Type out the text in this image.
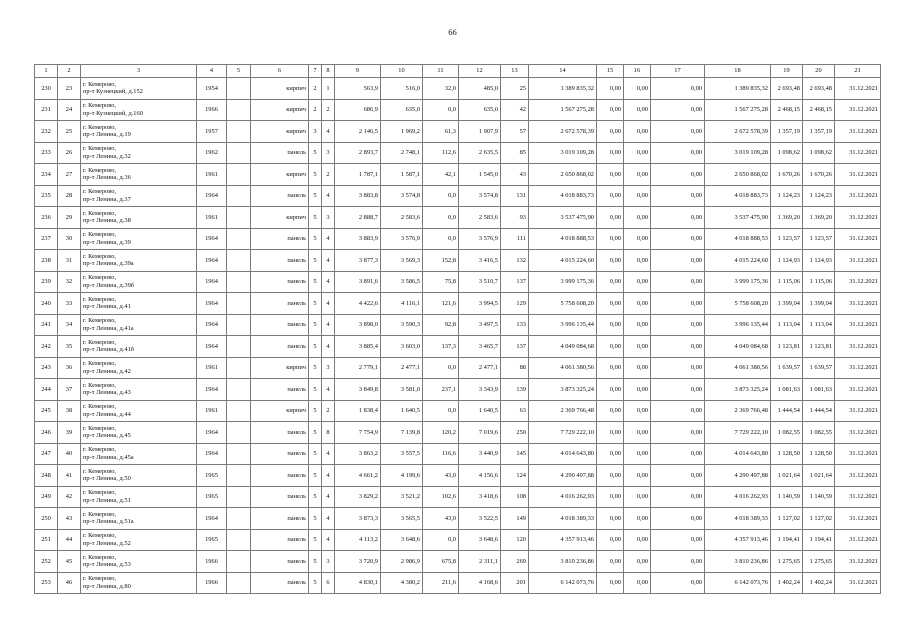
66
1	2	3	4	5	6	7	8	9	10	11	12	13	14	15	16	17	18	19	20	21
230	23	г. Кемерово,
пр-т Кузнецкий, д.152	1954		кирпич	2	1	563,9	516,0	32,0	485,0	25	1 389 835,32	0,00	0,00	0,00	1 389 835,32	2 693,48	2 693,48	31.12.2021
231	24	г. Кемерово,
пр-т Кузнецкий, д.160	1966		кирпич	2	2	686,9	635,0	0,0	635,0	42	1 567 275,28	0,00	0,00	0,00	1 567 275,28	2 468,15	2 468,15	31.12.2021
232	25	г. Кемерово,
пр-т Ленина, д.19	1957		кирпич	3	4	2 146,5	1 969,2	61,3	1 907,9	57	2 672 578,39	0,00	0,00	0,00	2 672 578,39	1 357,19	1 357,19	31.12.2021
233	26	г. Кемерово,
пр-т Ленина, д.32	1962		панель	5	3	2 893,7	2 748,1	112,6	2 635,5	85	3 019 109,28	0,00	0,00	0,00	3 019 109,28	1 098,62	1 098,62	31.12.2021
234	27	г. Кемерово,
пр-т Ленина, д.36	1961		кирпич	5	2	1 787,1	1 587,1	42,1	1 545,0	43	2 650 868,02	0,00	0,00	0,00	2 650 868,02	1 670,26	1 670,26	31.12.2021
235	28	г. Кемерово,
пр-т Ленина, д.37	1964		панель	5	4	3 883,8	3 574,8	0,0	3 574,8	131	4 018 883,73	0,00	0,00	0,00	4 018 883,73	1 124,23	1 124,23	31.12.2021
236	29	г. Кемерово,
пр-т Ленина, д.38	1961		кирпич	5	3	2 888,7	2 583,6	0,0	2 583,6	93	3 537 475,90	0,00	0,00	0,00	3 537 475,90	1 369,20	1 369,20	31.12.2021
237	30	г. Кемерово,
пр-т Ленина, д.39	1964		панель	5	4	3 883,9	3 576,9	0,0	3 576,9	111	4 018 888,53	0,00	0,00	0,00	4 018 888,53	1 123,57	1 123,57	31.12.2021
238	31	г. Кемерово,
пр-т Ленина, д.39а	1964		панель	5	4	3 877,3	3 569,3	152,8	3 416,5	132	4 015 224,60	0,00	0,00	0,00	4 015 224,60	1 124,93	1 124,93	31.12.2021
239	32	г. Кемерово,
пр-т Ленина, д.39б	1964		панель	5	4	3 891,6	3 586,5	75,8	3 510,7	137	3 999 175,36	0,00	0,00	0,00	3 999 175,36	1 115,06	1 115,06	31.12.2021
240	33	г. Кемерово,
пр-т Ленина, д.41	1964		панель	5	4	4 422,6	4 116,1	121,6	3 994,5	129	5 758 608,20	0,00	0,00	0,00	5 758 608,20	1 399,04	1 399,04	31.12.2021
241	34	г. Кемерово,
пр-т Ленина, д.41а	1964		панель	5	4	3 898,0	3 590,3	92,8	3 497,5	133	3 996 135,44	0,00	0,00	0,00	3 996 135,44	1 113,04	1 113,04	31.12.2021
242	35	г. Кемерово,
пр-т Ленина, д.41б	1964		панель	5	4	3 885,4	3 603,0	137,3	3 465,7	137	4 049 084,68	0,00	0,00	0,00	4 049 084,68	1 123,81	1 123,81	31.12.2021
243	36	г. Кемерово,
пр-т Ленина, д.42	1961		кирпич	5	3	2 779,1	2 477,1	0,0	2 477,1	88	4 061 380,56	0,00	0,00	0,00	4 061 380,56	1 639,57	1 639,57	31.12.2021
244	37	г. Кемерово,
пр-т Ленина, д.43	1964		панель	5	4	3 849,8	3 581,0	237,1	3 343,9	139	3 873 325,24	0,00	0,00	0,00	3 873 325,24	1 081,63	1 081,63	31.12.2021
245	38	г. Кемерово,
пр-т Ленина, д.44	1961		кирпич	5	2	1 838,4	1 640,5	0,0	1 640,5	63	2 369 766,48	0,00	0,00	0,00	2 369 766,48	1 444,54	1 444,54	31.12.2021
246	39	г. Кемерово,
пр-т Ленина, д.45	1964		панель	5	8	7 754,9	7 139,8	120,2	7 019,6	250	7 729 222,10	0,00	0,00	0,00	7 729 222,10	1 082,55	1 082,55	31.12.2021
247	40	г. Кемерово,
пр-т Ленина, д.45а	1964		панель	5	4	3 863,2	3 557,5	116,6	3 440,9	145	4 014 643,80	0,00	0,00	0,00	4 014 643,80	1 128,50	1 128,50	31.12.2021
248	41	г. Кемерово,
пр-т Ленина, д.50	1965		панель	5	4	4 661,2	4 199,6	43,0	4 156,6	124	4 290 497,88	0,00	0,00	0,00	4 290 497,88	1 021,64	1 021,64	31.12.2021
249	42	г. Кемерово,
пр-т Ленина, д.51	1965		панель	5	4	3 829,2	3 521,2	102,6	3 418,6	108	4 016 262,93	0,00	0,00	0,00	4 016 262,93	1 140,59	1 140,59	31.12.2021
250	43	г. Кемерово,
пр-т Ленина, д.51а	1964		панель	5	4	3 873,3	3 565,5	43,0	3 522,5	149	4 018 389,33	0,00	0,00	0,00	4 018 389,33	1 127,02	1 127,02	31.12.2021
251	44	г. Кемерово,
пр-т Ленина, д.52	1965		панель	5	4	4 113,2	3 648,6	0,0	3 648,6	120	4 357 913,46	0,00	0,00	0,00	4 357 913,46	1 194,41	1 194,41	31.12.2021
252	45	г. Кемерово,
пр-т Ленина, д.53	1966		панель	5	3	3 720,9	2 986,9	675,8	2 311,1	269	3 810 236,86	0,00	0,00	0,00	3 810 236,86	1 275,65	1 275,65	31.12.2021
253	46	г. Кемерово,
пр-т Ленина, д.80	1966		панель	5	6	4 830,1	4 380,2	211,6	4 168,6	201	6 142 073,76	0,00	0,00	0,00	6 142 073,76	1 402,24	1 402,24	31.12.2021
